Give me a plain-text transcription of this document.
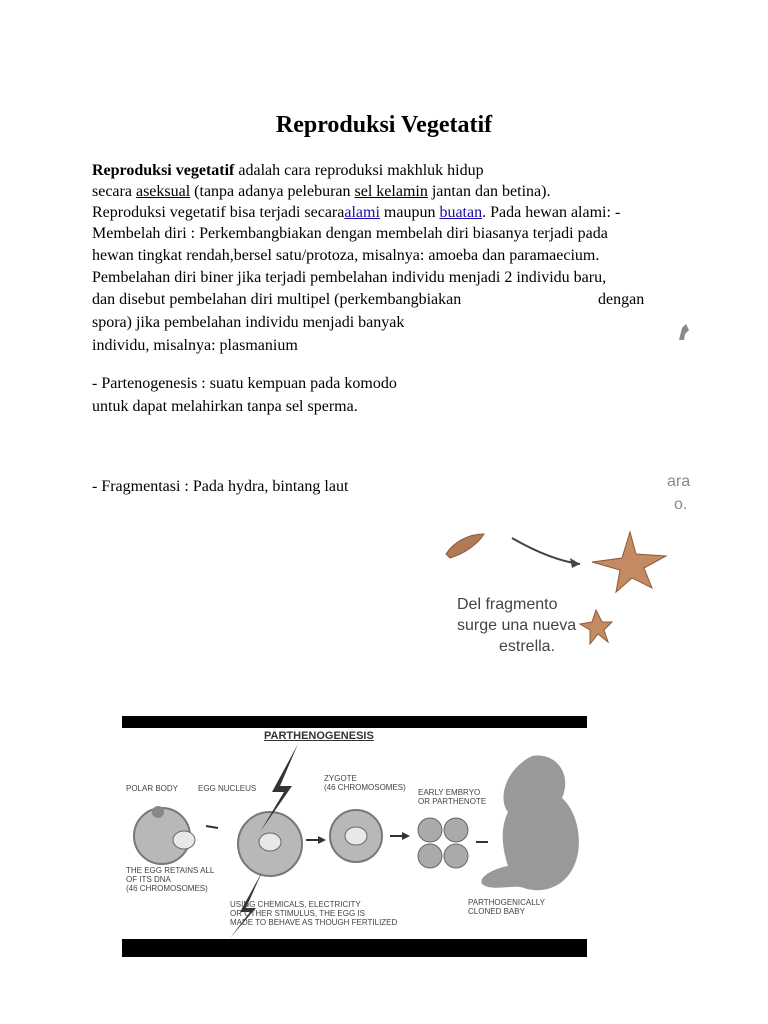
Reproduksi Vegetatif
Reproduksi vegetatif adalah cara reproduksi makhluk hidup
secara aseksual (tanpa adanya peleburan sel kelamin jantan dan betina).
Reproduksi vegetatif bisa terjadi secaraalami maupun buatan. Pada hewan alami: -
Membelah diri : Perkembangbiakan dengan membelah diri biasanya terjadi pada
hewan tingkat rendah,bersel satu/protoza, misalnya: amoeba dan paramaecium.
Pembelahan diri biner jika terjadi pembelahan individu menjadi 2 individu baru,
dan disebut pembelahan diri multipel (perkembangbiakan	dengan
spora) jika pembelahan individu menjadi banyak
individu, misalnya: plasmanium
- Partenogenesis : suatu kempuan pada komodo
untuk dapat melahirkan tanpa sel sperma.
- Fragmentasi : Pada hydra, bintang laut	ara
o.
Del fragmento
surge una nueva
estrella.
PARTHENOGENESIS
POLAR BODY EGG NUCLEUS
ZYGOTE
(46 CHROMOSOMES)
EARLY EMBRYO
OR PARTHENOTE
THE EGG RETAINS ALL
OF ITS DNA
(46 CHROMOSOMES)
USING CHEMICALS, ELECTRICITY
OR OTHER STIMULUS, THE EGG IS
MADE TO BEHAVE AS THOUGH FERTILIZED
PARTHOGENICALLY
CLONED BABY
